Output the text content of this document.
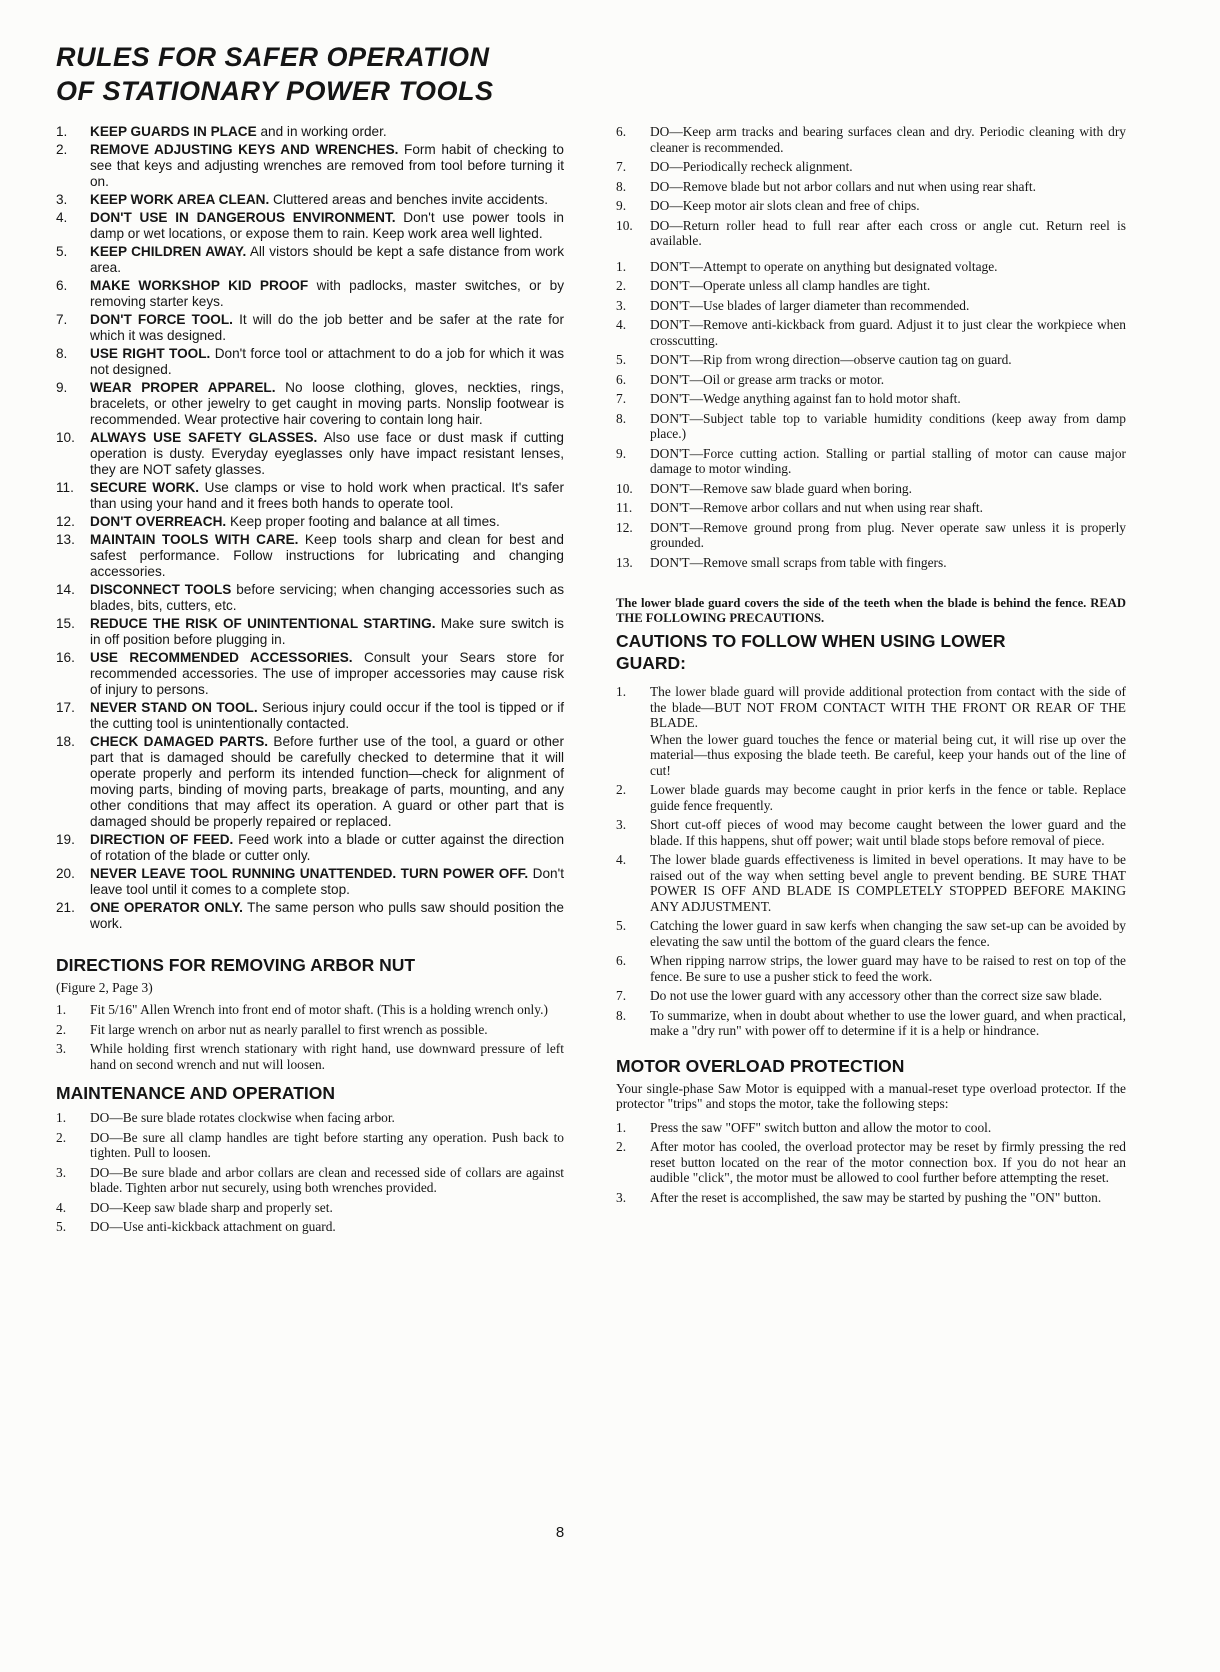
RULES FOR SAFER OPERATION
OF STATIONARY POWER TOOLS
1.	KEEP GUARDS IN PLACE and in working order.
2.	REMOVE ADJUSTING KEYS AND WRENCHES. Form habit of checking to see that keys and adjusting wrenches are removed from tool before turning it on.
3.	KEEP WORK AREA CLEAN. Cluttered areas and benches invite accidents.
4.	DON'T USE IN DANGEROUS ENVIRONMENT. Don't use power tools in damp or wet locations, or expose them to rain. Keep work area well lighted.
5.	KEEP CHILDREN AWAY. All vistors should be kept a safe distance from work area.
6.	MAKE WORKSHOP KID PROOF with padlocks, master switches, or by removing starter keys.
7.	DON'T FORCE TOOL. It will do the job better and be safer at the rate for which it was designed.
8.	USE RIGHT TOOL. Don't force tool or attachment to do a job for which it was not designed.
9.	WEAR PROPER APPAREL. No loose clothing, gloves, neckties, rings, bracelets, or other jewelry to get caught in moving parts. Nonslip footwear is recommended. Wear protective hair covering to contain long hair.
10.	ALWAYS USE SAFETY GLASSES. Also use face or dust mask if cutting operation is dusty. Everyday eyeglasses only have impact resistant lenses, they are NOT safety glasses.
11.	SECURE WORK. Use clamps or vise to hold work when practical. It's safer than using your hand and it frees both hands to operate tool.
12.	DON'T OVERREACH. Keep proper footing and balance at all times.
13.	MAINTAIN TOOLS WITH CARE. Keep tools sharp and clean for best and safest performance. Follow instructions for lubricating and changing accessories.
14.	DISCONNECT TOOLS before servicing; when changing accessories such as blades, bits, cutters, etc.
15.	REDUCE THE RISK OF UNINTENTIONAL STARTING. Make sure switch is in off position before plugging in.
16.	USE RECOMMENDED ACCESSORIES. Consult your Sears store for recommended accessories. The use of improper accessories may cause risk of injury to persons.
17.	NEVER STAND ON TOOL. Serious injury could occur if the tool is tipped or if the cutting tool is unintentionally contacted.
18.	CHECK DAMAGED PARTS. Before further use of the tool, a guard or other part that is damaged should be carefully checked to determine that it will operate properly and perform its intended function—check for alignment of moving parts, binding of moving parts, breakage of parts, mounting, and any other conditions that may affect its operation. A guard or other part that is damaged should be properly repaired or replaced.
19.	DIRECTION OF FEED. Feed work into a blade or cutter against the direction of rotation of the blade or cutter only.
20.	NEVER LEAVE TOOL RUNNING UNATTENDED. TURN POWER OFF. Don't leave tool until it comes to a complete stop.
21.	ONE OPERATOR ONLY. The same person who pulls saw should position the work.
DIRECTIONS FOR REMOVING ARBOR NUT

(Figure 2, Page 3)

1.	Fit 5/16" Allen Wrench into front end of motor shaft. (This is a holding wrench only.)
2.	Fit large wrench on arbor nut as nearly parallel to first wrench as possible.
3.	While holding first wrench stationary with right hand, use downward pressure of left hand on second wrench and nut will loosen.
MAINTENANCE AND OPERATION
1.	DO—Be sure blade rotates clockwise when facing arbor.
2.	DO—Be sure all clamp handles are tight before starting any operation. Push back to tighten. Pull to loosen.
3.	DO—Be sure blade and arbor collars are clean and recessed side of collars are against blade. Tighten arbor nut securely, using both wrenches provided.
4.	DO—Keep saw blade sharp and properly set.
5.	DO—Use anti-kickback attachment on guard.
6.	DO—Keep arm tracks and bearing surfaces clean and dry. Periodic cleaning with dry cleaner is recommended.
7.	DO—Periodically recheck alignment.
8.	DO—Remove blade but not arbor collars and nut when using rear shaft.
9.	DO—Keep motor air slots clean and free of chips.
10.	DO—Return roller head to full rear after each cross or angle cut. Return reel is available.
1.	DON'T—Attempt to operate on anything but designated voltage.
2.	DON'T—Operate unless all clamp handles are tight.
3.	DON'T—Use blades of larger diameter than recommended.
4.	DON'T—Remove anti-kickback from guard. Adjust it to just clear the workpiece when crosscutting.
5.	DON'T—Rip from wrong direction—observe caution tag on guard.
6.	DON'T—Oil or grease arm tracks or motor.
7.	DON'T—Wedge anything against fan to hold motor shaft.
8.	DON'T—Subject table top to variable humidity conditions (keep away from damp place.)
9.	DON'T—Force cutting action. Stalling or partial stalling of motor can cause major damage to motor winding.
10.	DON'T—Remove saw blade guard when boring.
11.	DON'T—Remove arbor collars and nut when using rear shaft.
12.	DON'T—Remove ground prong from plug. Never operate saw unless it is properly grounded.
13.	DON'T—Remove small scraps from table with fingers.

The lower blade guard covers the side of the teeth when the blade is behind the fence. READ THE FOLLOWING PRECAUTIONS.

CAUTIONS TO FOLLOW WHEN USING LOWER GUARD:
1.	The lower blade guard will provide additional protection from contact with the side of the blade—BUT NOT FROM CONTACT WITH THE FRONT OR REAR OF THE BLADE.
When the lower guard touches the fence or material being cut, it will rise up over the material—thus exposing the blade teeth. Be careful, keep your hands out of the line of cut!
2.	Lower blade guards may become caught in prior kerfs in the fence or table. Replace guide fence frequently.
3.	Short cut-off pieces of wood may become caught between the lower guard and the blade. If this happens, shut off power; wait until blade stops before removal of piece.
4.	The lower blade guards effectiveness is limited in bevel operations. It may have to be raised out of the way when setting bevel angle to prevent bending. BE SURE THAT POWER IS OFF AND BLADE IS COMPLETELY STOPPED BEFORE MAKING ANY ADJUSTMENT.
5.	Catching the lower guard in saw kerfs when changing the saw set-up can be avoided by elevating the saw until the bottom of the guard clears the fence.
6.	When ripping narrow strips, the lower guard may have to be raised to rest on top of the fence. Be sure to use a pusher stick to feed the work.
7.	Do not use the lower guard with any accessory other than the correct size saw blade.
8.	To summarize, when in doubt about whether to use the lower guard, and when practical, make a "dry run" with power off to determine if it is a help or hindrance.
MOTOR OVERLOAD PROTECTION

Your single-phase Saw Motor is equipped with a manual-reset type overload protector. If the protector "trips" and stops the motor, take the following steps:

1.	Press the saw "OFF" switch button and allow the motor to cool.
2.	After motor has cooled, the overload protector may be reset by firmly pressing the red reset button located on the rear of the motor connection box. If you do not hear an audible "click", the motor must be allowed to cool further before attempting the reset.
3.	After the reset is accomplished, the saw may be started by pushing the "ON" button.
8
